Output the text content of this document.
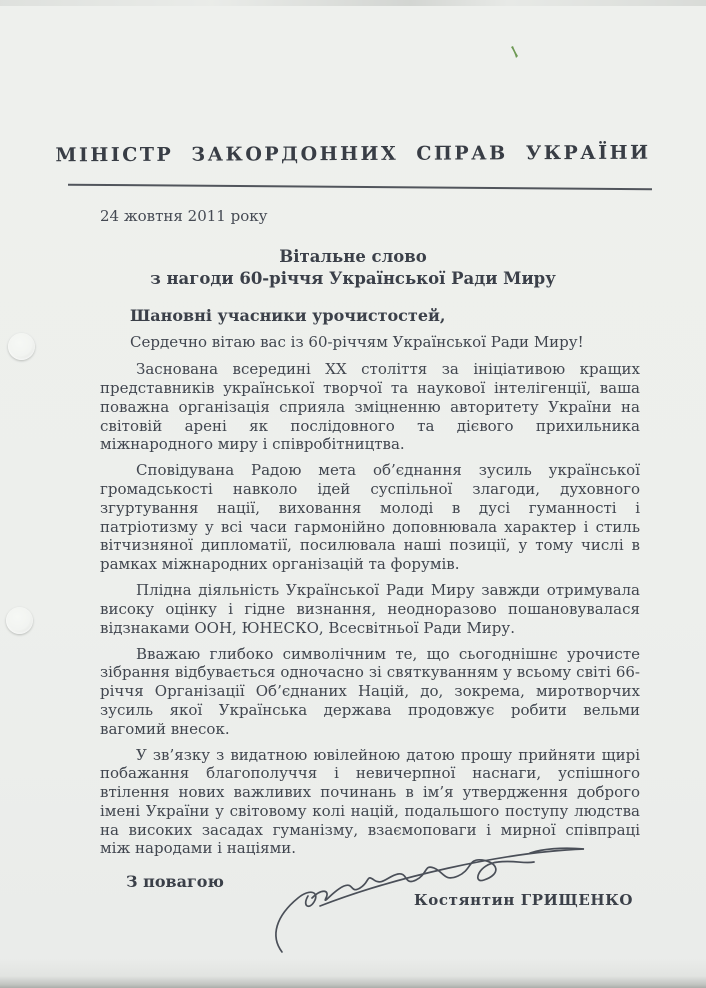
МІНІСТР ЗАКОРДОННИХ СПРАВ УКРАЇНИ
24 жовтня 2011 року
Вітальне слово
з нагоди 60-річчя Української Ради Миру

Шановні учасники урочистостей,

Сердечно вітаю вас із 60-річчям Української Ради Миру!

Заснована всередині ХХ століття за ініціативою кращих представників української творчої та наукової інтелігенції, ваша поважна організація сприяла зміцненню авторитету України на світовій арені як послідовного та дієвого прихильника міжнародного миру і співробітництва.

Сповідувана Радою мета об’єднання зусиль української громадськості навколо ідей суспільної злагоди, духовного згуртування нації, виховання молоді в дусі гуманності і патріотизму у всі часи гармонійно доповнювала характер і стиль вітчизняної дипломатії, посилювала наші позиції, у тому числі в рамках міжнародних організацій та форумів.

Плідна діяльність Української Ради Миру завжди отримувала високу оцінку і гідне визнання, неодноразово пошановувалася відзнаками ООН, ЮНЕСКО, Всесвітньої Ради Миру.

Вважаю глибоко символічним те, що сьогоднішнє урочисте зібрання відбувається одночасно зі святкуванням у всьому світі 66-річчя Організації Об’єднаних Націй, до, зокрема, миротворчих зусиль якої Українська держава продовжує робити вельми вагомий внесок.

У зв’язку з видатною ювілейною датою прошу прийняти щирі побажання благополуччя і невичерпної наснаги, успішного втілення нових важливих починань в ім’я утвердження доброго імені України у світовому колі націй, подальшого поступу людства на високих засадах гуманізму, взаємоповаги і мирної співпраці між народами і націями.

З повагою

Костянтин ГРИЩЕНКО
